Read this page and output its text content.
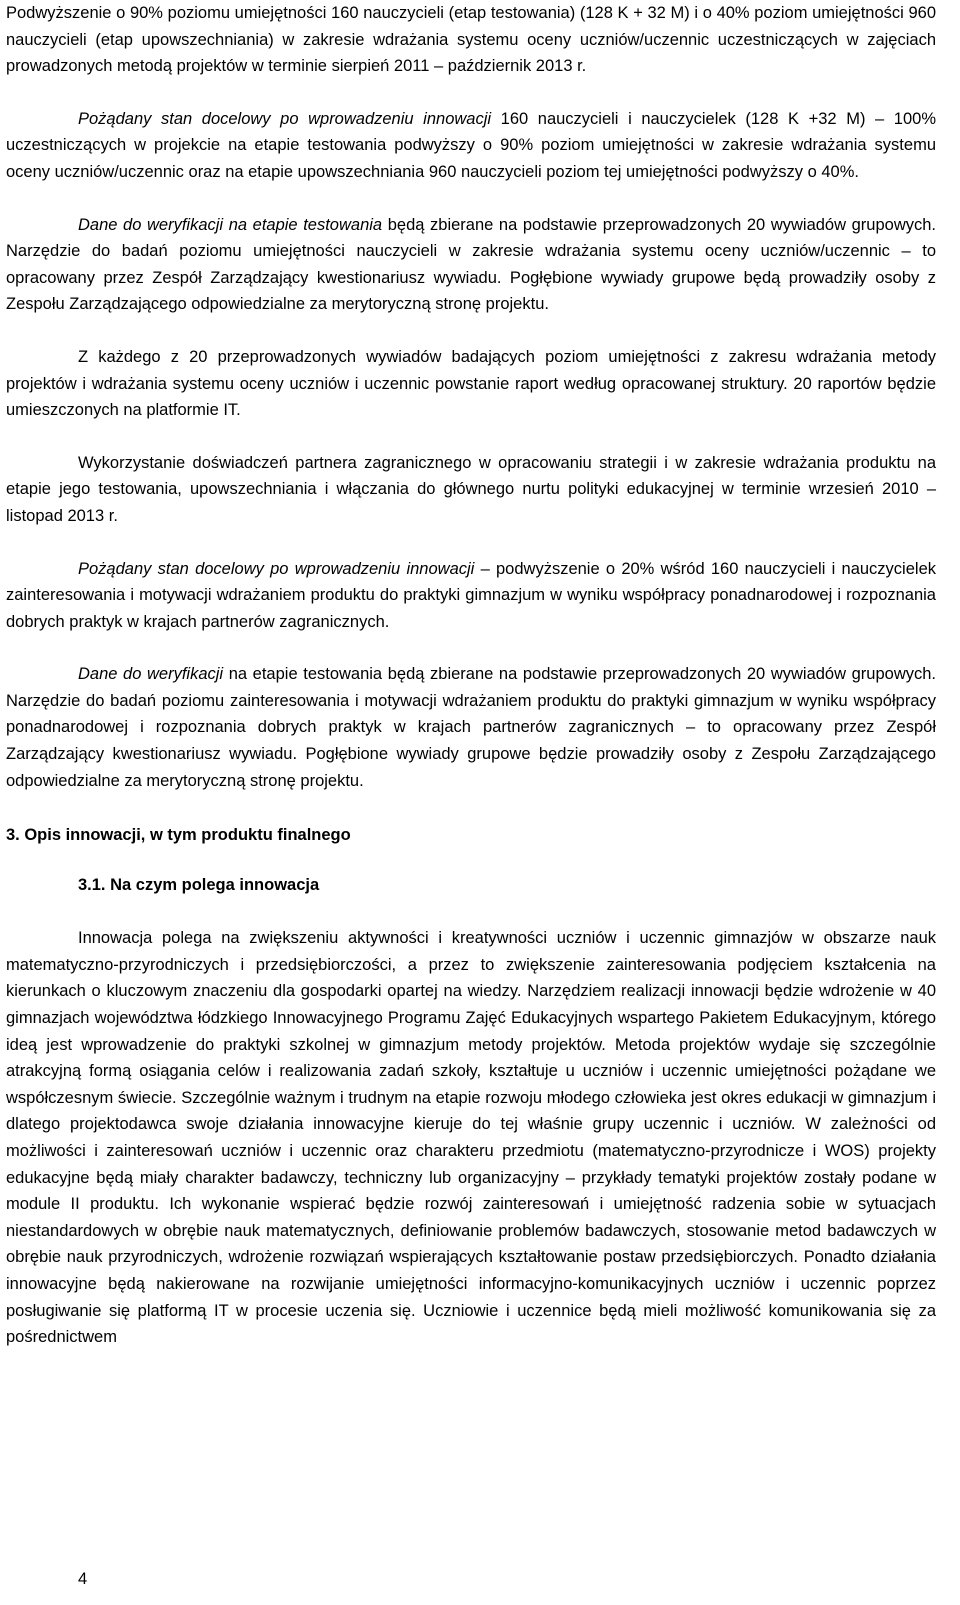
Podwyższenie o 90% poziomu umiejętności 160 nauczycieli (etap testowania) (128 K + 32 M) i o 40% poziom umiejętności 960 nauczycieli (etap upowszechniania) w zakresie wdrażania systemu oceny uczniów/uczennic uczestniczących w zajęciach prowadzonych metodą projektów w terminie sierpień 2011 – październik 2013 r.

Pożądany stan docelowy po wprowadzeniu innowacji 160 nauczycieli i nauczycielek (128 K +32 M) – 100% uczestniczących w projekcie na etapie testowania podwyższy o 90% poziom umiejętności w zakresie wdrażania systemu oceny uczniów/uczennic oraz na etapie upowszechniania 960 nauczycieli poziom tej umiejętności podwyższy o 40%.

Dane do weryfikacji na etapie testowania będą zbierane na podstawie przeprowadzonych 20 wywiadów grupowych. Narzędzie do badań poziomu umiejętności nauczycieli w zakresie wdrażania systemu oceny uczniów/uczennic – to opracowany przez Zespół Zarządzający kwestionariusz wywiadu. Pogłębione wywiady grupowe będą prowadziły osoby z Zespołu Zarządzającego odpowiedzialne za merytoryczną stronę projektu.

Z każdego z 20 przeprowadzonych wywiadów badających poziom umiejętności z zakresu wdrażania metody projektów i wdrażania systemu oceny uczniów i uczennic powstanie raport według opracowanej struktury. 20 raportów będzie umieszczonych na platformie IT.

Wykorzystanie doświadczeń partnera zagranicznego w opracowaniu strategii i w zakresie wdrażania produktu na etapie jego testowania, upowszechniania i włączania do głównego nurtu polityki edukacyjnej w terminie wrzesień 2010 – listopad 2013 r.

Pożądany stan docelowy po wprowadzeniu innowacji – podwyższenie o 20% wśród 160 nauczycieli i nauczycielek zainteresowania i motywacji wdrażaniem produktu do praktyki gimnazjum w wyniku współpracy ponadnarodowej i rozpoznania dobrych praktyk w krajach partnerów zagranicznych.

Dane do weryfikacji na etapie testowania będą zbierane na podstawie przeprowadzonych 20 wywiadów grupowych. Narzędzie do badań poziomu zainteresowania i motywacji wdrażaniem produktu do praktyki gimnazjum w wyniku współpracy ponadnarodowej i rozpoznania dobrych praktyk w krajach partnerów zagranicznych – to opracowany przez Zespół Zarządzający kwestionariusz wywiadu. Pogłębione wywiady grupowe będzie prowadziły osoby z Zespołu Zarządzającego odpowiedzialne za merytoryczną stronę projektu.

3. Opis innowacji, w tym produktu finalnego
3.1. Na czym polega innowacja

Innowacja polega na zwiększeniu aktywności i kreatywności uczniów i uczennic gimnazjów w obszarze nauk matematyczno-przyrodniczych i przedsiębiorczości, a przez to zwiększenie zainteresowania podjęciem kształcenia na kierunkach o kluczowym znaczeniu dla gospodarki opartej na wiedzy. Narzędziem realizacji innowacji będzie wdrożenie w 40 gimnazjach województwa łódzkiego Innowacyjnego Programu Zajęć Edukacyjnych wspartego Pakietem Edukacyjnym, którego ideą jest wprowadzenie do praktyki szkolnej w gimnazjum metody projektów. Metoda projektów wydaje się szczególnie atrakcyjną formą osiągania celów i realizowania zadań szkoły, kształtuje u uczniów i uczennic umiejętności pożądane we współczesnym świecie. Szczególnie ważnym i trudnym na etapie rozwoju młodego człowieka jest okres edukacji w gimnazjum i dlatego projektodawca swoje działania innowacyjne kieruje do tej właśnie grupy uczennic i uczniów. W zależności od możliwości i zainteresowań uczniów i uczennic oraz charakteru przedmiotu (matematyczno-przyrodnicze i WOS) projekty edukacyjne będą miały charakter badawczy, techniczny lub organizacyjny – przykłady tematyki projektów zostały podane w module II produktu. Ich wykonanie wspierać będzie rozwój zainteresowań i umiejętność radzenia sobie w sytuacjach niestandardowych w obrębie nauk matematycznych, definiowanie problemów badawczych, stosowanie metod badawczych w obrębie nauk przyrodniczych, wdrożenie rozwiązań wspierających kształtowanie postaw przedsiębiorczych. Ponadto działania innowacyjne będą nakierowane na rozwijanie umiejętności informacyjno-komunikacyjnych uczniów i uczennic poprzez posługiwanie się platformą IT w procesie uczenia się. Uczniowie i uczennice będą mieli możliwość komunikowania się za pośrednictwem

4
